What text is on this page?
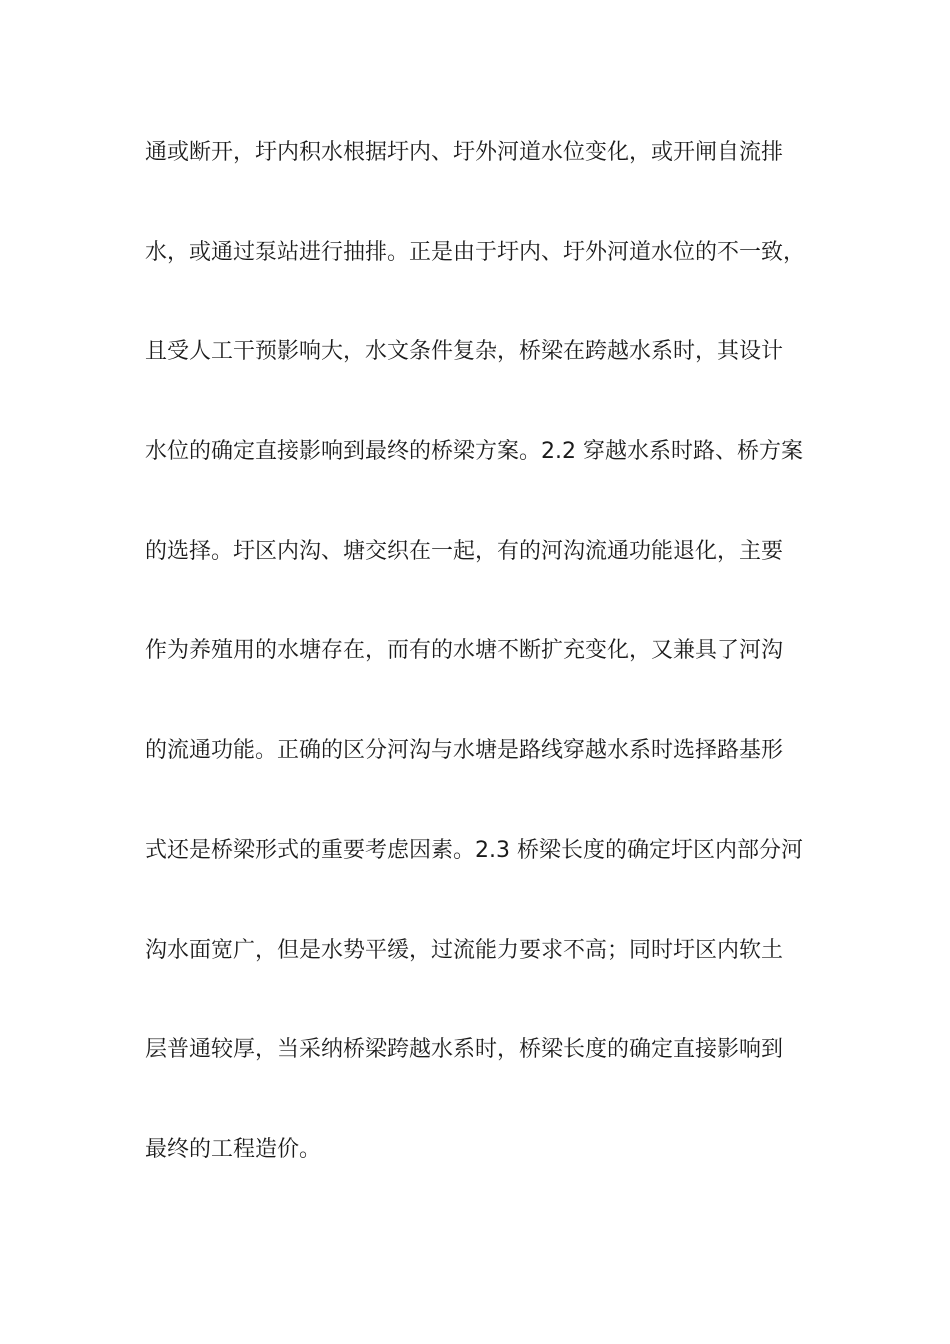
通或断开，圩内积水根据圩内、圩外河道水位变化，或开闸自流排
水，或通过泵站进行抽排。正是由于圩内、圩外河道水位的不一致，
且受人工干预影响大，水文条件复杂，桥梁在跨越水系时，其设计
水位的确定直接影响到最终的桥梁方案。2.2 穿越水系时路、桥方案
的选择。圩区内沟、塘交织在一起，有的河沟流通功能退化，主要
作为养殖用的水塘存在，而有的水塘不断扩充变化，又兼具了河沟
的流通功能。正确的区分河沟与水塘是路线穿越水系时选择路基形
式还是桥梁形式的重要考虑因素。2.3 桥梁长度的确定圩区内部分河
沟水面宽广，但是水势平缓，过流能力要求不高；同时圩区内软土
层普通较厚，当采纳桥梁跨越水系时，桥梁长度的确定直接影响到
最终的工程造价。
